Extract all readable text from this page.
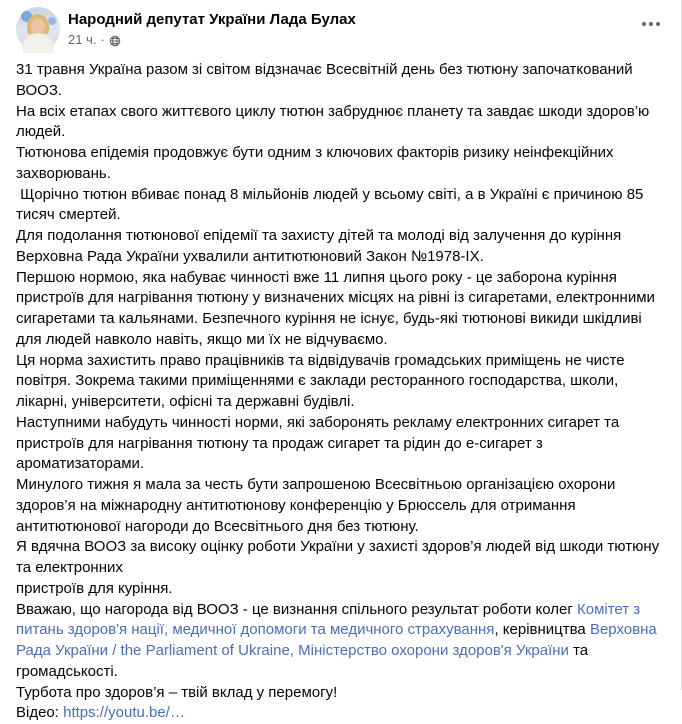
Народний депутат України Лада Булах
21 ч. ·
31 травня Україна разом зі світом відзначає Всесвітній день без тютюну започаткований ВООЗ.
На всіх етапах свого життєвого циклу тютюн забруднює планету та завдає шкоди здоров’ю людей.
Тютюнова епідемія продовжує бути одним з ключових факторів ризику неінфекційних захворювань.
Щорічно тютюн вбиває понад 8 мільйонів людей у всьому світі, а в Україні є причиною 85 тисяч смертей.
Для подолання тютюнової епідемії та захисту дітей та молоді від залучення до куріння Верховна Рада України ухвалили антитютюновий Закон №1978-IX.
Першою нормою, яка набуває чинності вже 11 липня цього року - це заборона куріння пристроїв для нагрівання тютюну у визначених місцях на рівні із сигаретами, електронними сигаретами та кальянами. Безпечного куріння не існує, будь-які тютюнові викиди шкідливі для людей навколо навіть, якщо ми їх не відчуваємо.
Ця норма захистить право працівників та відвідувачів громадських приміщень не чисте повітря. Зокрема такими приміщеннями є заклади ресторанного господарства, школи, лікарні, університети, офісні та державні будівлі.
Наступними набудуть чинності норми, які заборонять рекламу електронних сигарет та пристроїв для нагрівання тютюну та продаж сигарет та рідин до е-сигарет з ароматизаторами.
Минулого тижня я мала за честь бути запрошеною Всесвітньою організацією охорони здоров’я на міжнародну антитютюнову конференцію у Брюссель для отримання антитютюнової нагороди до Всесвітнього дня без тютюну.
Я вдячна ВООЗ за високу оцінку роботи України у захисті здоров’я людей від шкоди тютюну та електронних
пристроїв для куріння.
Вважаю, що нагорода від ВООЗ - це визнання спільного результат роботи колег Комітет з питань здоров'я нації, медичної допомоги та медичного страхування, керівництва Верховна Рада України / the Parliament of Ukraine, Міністерство охорони здоров'я України та громадськості.
Турбота про здоров’я – твій вклад у перемогу!
Відео: https://youtu.be/…
